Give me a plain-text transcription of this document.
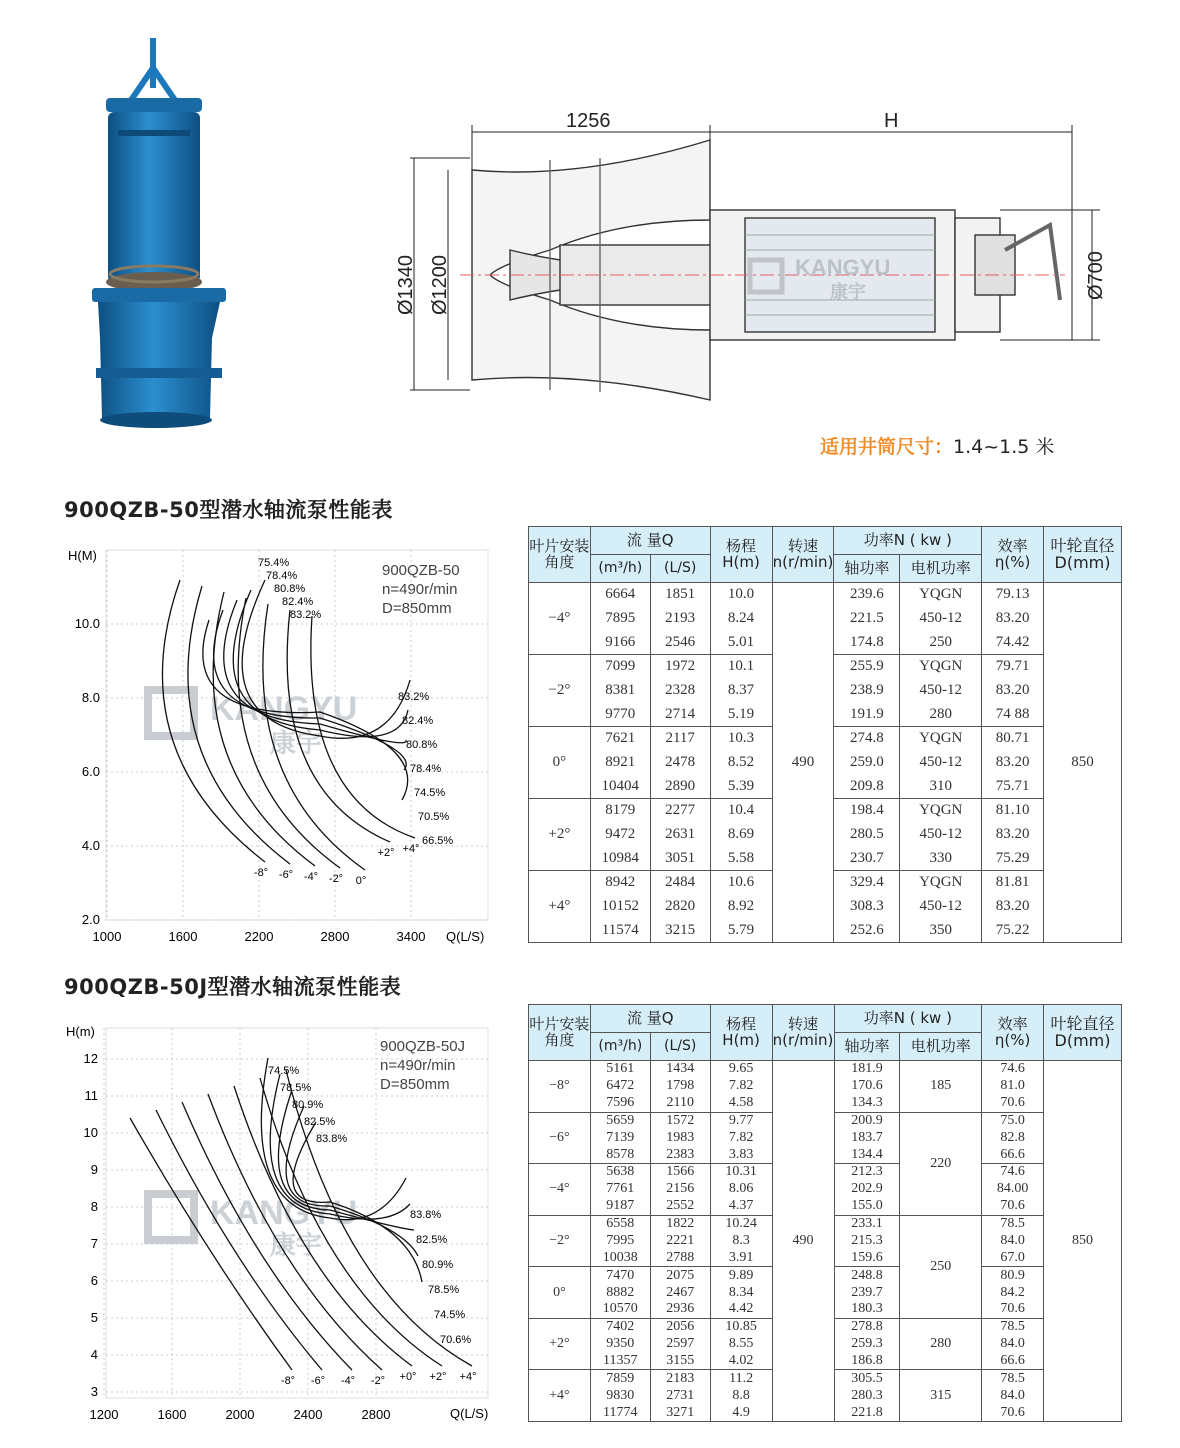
KANGYU
康宇
1256	H
Ø1340 Ø1200	Ø700
适用井筒尺寸：1.4~1.5 米
900QZB-50型潜水轴流泵性能表
KANGYU
康宇
H(M)
Q(L/S)
900QZB-50
n=490r/min
D=850mm
10.0
8.0
6.0
4.0
2.0
1000	1600	2200	2800	3400
-8° -6° -4° -2° 0°
+2° +4°
75.4%
78.4%
80.8%
82.4%
83.2%
83.2%
82.4%
80.8%
78.4%
74.5%
70.5%
66.5%
叶片安装角度	流 量Q		杨程H(m)	转速n(r/min)	功率N ( kw )		效率η(%)	叶轮直径D(mm)
	(m³/h)	(L/S)			轴功率	电机功率		
−4°	6664	1851	10.0	490	239.6	YQGN	79.13	850
	7895	2193	8.24		221.5	450-12	83.20	
	9166	2546	5.01		174.8	250	74.42	
−2°	7099	1972	10.1		255.9	YQGN	79.71	
	8381	2328	8.37		238.9	450-12	83.20	
	9770	2714	5.19		191.9	280	74 88	
0°	7621	2117	10.3		274.8	YQGN	80.71	
	8921	2478	8.52		259.0	450-12	83.20	
	10404	2890	5.39		209.8	310	75.71	
+2°	8179	2277	10.4		198.4	YQGN	81.10	
	9472	2631	8.69		280.5	450-12	83.20	
	10984	3051	5.58		230.7	330	75.29	
+4°	8942	2484	10.6		329.4	YQGN	81.81	
	10152	2820	8.92		308.3	450-12	83.20	
	11574	3215	5.79		252.6	350	75.22	
900QZB-50J型潜水轴流泵性能表
KANGYU
康宇
H(m)
Q(L/S)
900QZB-50J
n=490r/min
D=850mm
12
11
10
9
8
7
6
5
4
3
1200	1600	2000	2400	2800
-8° -6° -4° -2° +0° +2° +4°
74.5%
78.5%
80.9%
82.5%
83.8%
83.8%
82.5%
80.9%
78.5%
74.5%
70.6%
叶片安装角度	流 量Q		杨程H(m)	转速n(r/min)	功率N ( kw )		效率η(%)	叶轮直径D(mm)
	(m³/h)	(L/S)			轴功率	电机功率		
−8°	5161	1434	9.65	490	181.9	185	74.6	850
	6472	1798	7.82		170.6		81.0	
	7596	2110	4.58		134.3		70.6	
−6°	5659	1572	9.77		200.9	220	75.0	
	7139	1983	7.82		183.7		82.8	
	8578	2383	3.83		134.4		66.6	
−4°	5638	1566	10.31		212.3		74.6	
	7761	2156	8.06		202.9		84.00	
	9187	2552	4.37		155.0		70.6	
−2°	6558	1822	10.24		233.1	250	78.5	
	7995	2221	8.3		215.3		84.0	
	10038	2788	3.91		159.6		67.0	
0°	7470	2075	9.89		248.8		80.9	
	8882	2467	8.34		239.7		84.2	
	10570	2936	4.42		180.3		70.6	
+2°	7402	2056	10.85		278.8	280	78.5	
	9350	2597	8.55		259.3		84.0	
	11357	3155	4.02		186.8		66.6	
+4°	7859	2183	11.2		305.5	315	78.5	
	9830	2731	8.8		280.3		84.0	
	11774	3271	4.9		221.8		70.6	
